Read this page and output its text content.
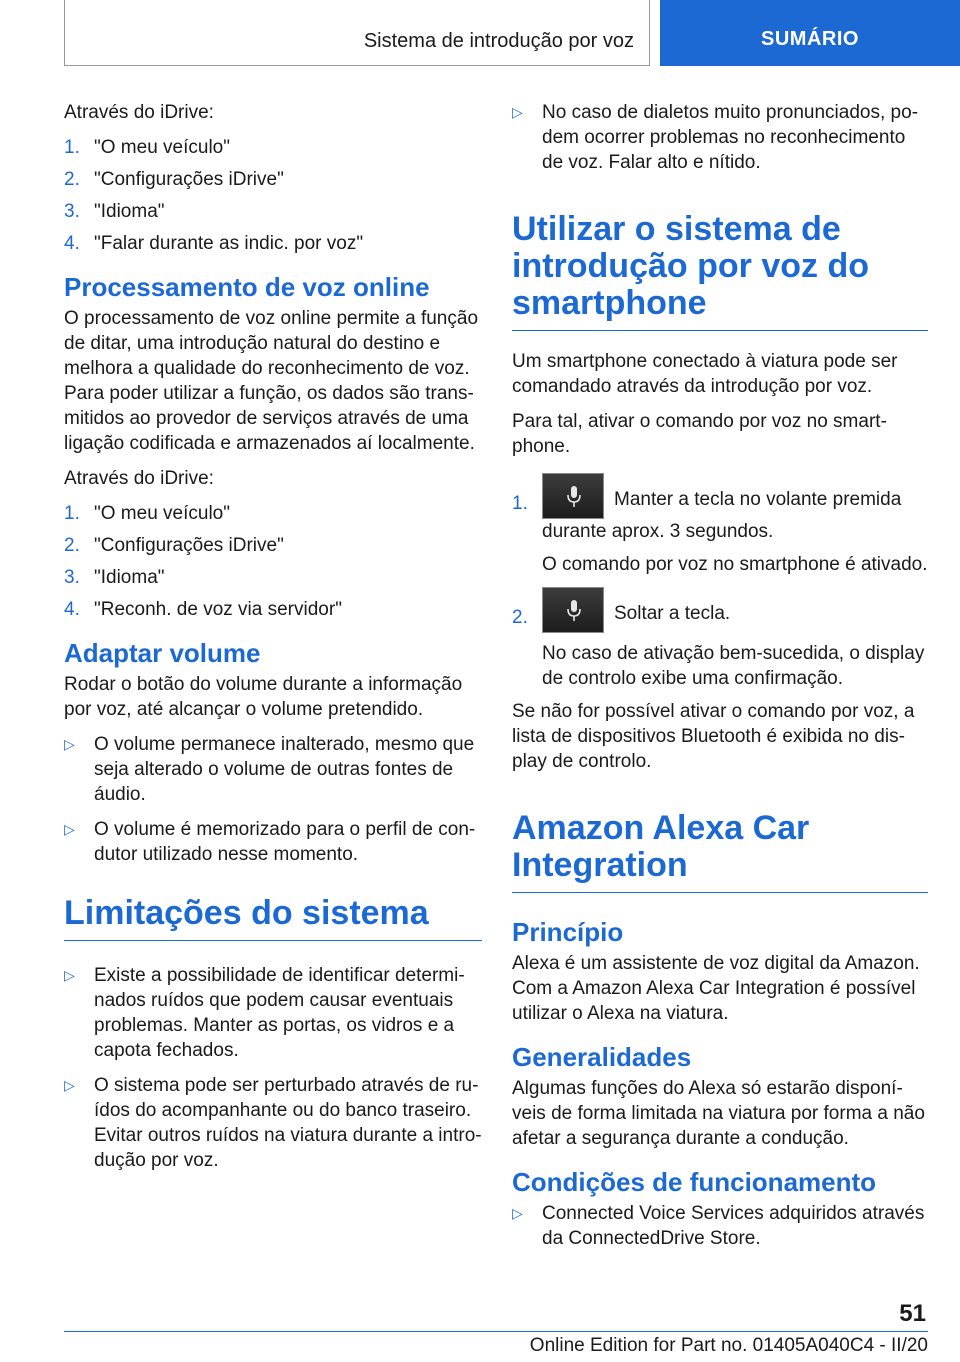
Sistema de introdução por voz	SUMÁRIO

Através do iDrive:

1. "O meu veículo"
2. "Configurações iDrive"
3. "Idioma"
4. "Falar durante as indic. por voz"
Processamento de voz online

O processamento de voz online permite a função de ditar, uma introdução natural do destino e melhora a qualidade do reconhecimento de voz. Para poder utilizar a função, os dados são transmitidos ao provedor de serviços através de uma ligação codificada e armazenados aí localmente.

Através do iDrive:

1. "O meu veículo"
2. "Configurações iDrive"
3. "Idioma"
4. "Reconh. de voz via servidor"
Adaptar volume

Rodar o botão do volume durante a informação por voz, até alcançar o volume pretendido.

▷ O volume permanece inalterado, mesmo que seja alterado o volume de outras fontes de áudio.
▷ O volume é memorizado para o perfil de condutor utilizado nesse momento.
Limitações do sistema
▷ Existe a possibilidade de identificar determinados ruídos que podem causar eventuais problemas. Manter as portas, os vidros e a capota fechados.
▷ O sistema pode ser perturbado através de ruídos do acompanhante ou do banco traseiro. Evitar outros ruídos na viatura durante a introdução por voz.
▷ No caso de dialetos muito pronunciados, podem ocorrer problemas no reconhecimento de voz. Falar alto e nítido.
Utilizar o sistema de introdução por voz do smartphone

Um smartphone conectado à viatura pode ser comandado através da introdução por voz.

Para tal, ativar o comando por voz no smartphone.

1.	Manter a tecla no volante premida durante aprox. 3 segundos.
O comando por voz no smartphone é ativado.
2.	Soltar a tecla.
No caso de ativação bem-sucedida, o display de controlo exibe uma confirmação.

Se não for possível ativar o comando por voz, a lista de dispositivos Bluetooth é exibida no display de controlo.

Amazon Alexa Car Integration
Princípio

Alexa é um assistente de voz digital da Amazon. Com a Amazon Alexa Car Integration é possível utilizar o Alexa na viatura.

Generalidades

Algumas funções do Alexa só estarão disponíveis de forma limitada na viatura por forma a não afetar a segurança durante a condução.

Condições de funcionamento
▷ Connected Voice Services adquiridos através da ConnectedDrive Store.
51
Online Edition for Part no. 01405A040C4 - II/20
